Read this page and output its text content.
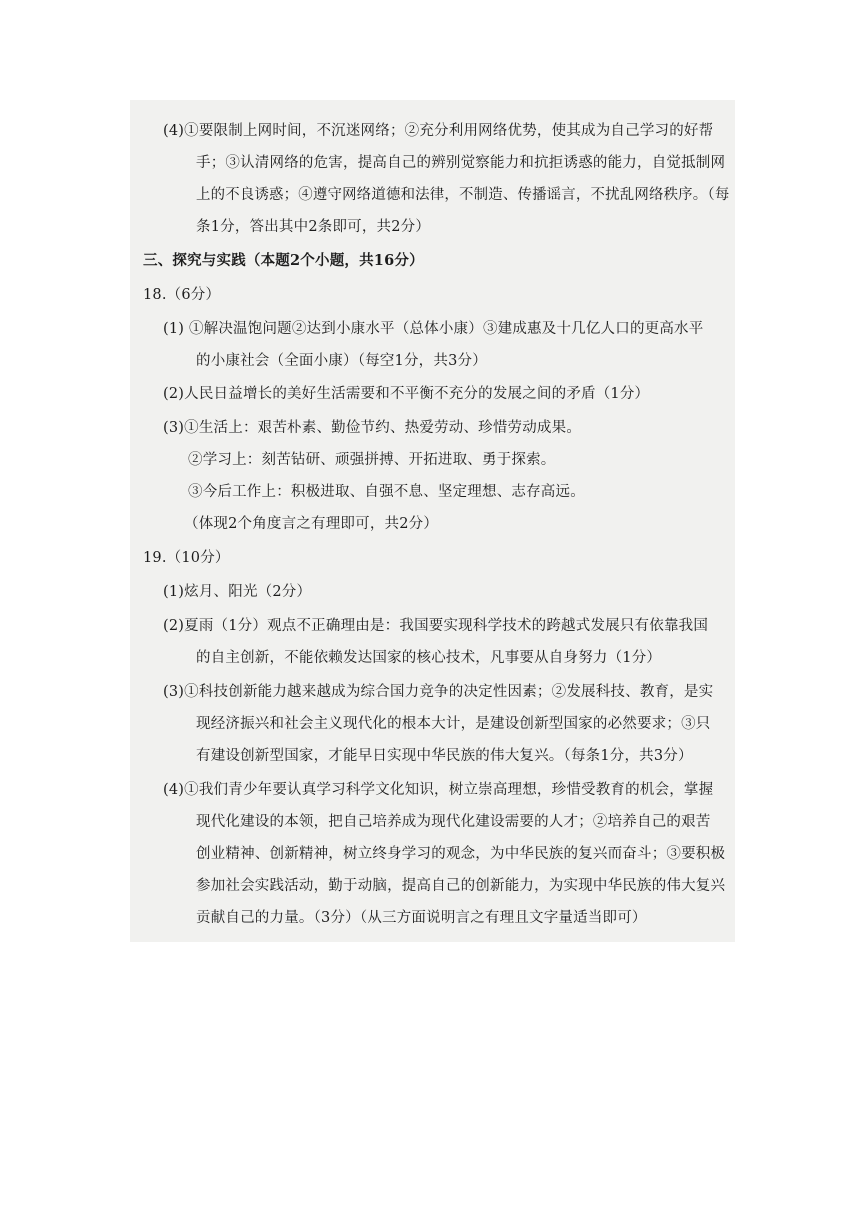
(4)①要限制上网时间，不沉迷网络；②充分利用网络优势，使其成为自己学习的好帮
手；③认清网络的危害，提高自己的辨别觉察能力和抗拒诱惑的能力，自觉抵制网
上的不良诱惑；④遵守网络道德和法律，不制造、传播谣言，不扰乱网络秩序。（每
条1分，答出其中2条即可，共2分）
三、探究与实践（本题2个小题，共16分）
18.（6分）
(1) ①解决温饱问题②达到小康水平（总体小康）③建成惠及十几亿人口的更高水平
的小康社会（全面小康）（每空1分，共3分）
(2)人民日益增长的美好生活需要和不平衡不充分的发展之间的矛盾（1分）
(3)①生活上：艰苦朴素、勤俭节约、热爱劳动、珍惜劳动成果。
②学习上：刻苦钻研、顽强拼搏、开拓进取、勇于探索。
③今后工作上：积极进取、自强不息、坚定理想、志存高远。
（体现2个角度言之有理即可，共2分）
19.（10分）
(1)炫月、阳光（2分）
(2)夏雨（1分）观点不正确理由是：我国要实现科学技术的跨越式发展只有依靠我国
的自主创新，不能依赖发达国家的核心技术，凡事要从自身努力（1分）
(3)①科技创新能力越来越成为综合国力竞争的决定性因素；②发展科技、教育，是实
现经济振兴和社会主义现代化的根本大计，是建设创新型国家的必然要求；③只
有建设创新型国家，才能早日实现中华民族的伟大复兴。（每条1分，共3分）
(4)①我们青少年要认真学习科学文化知识，树立崇高理想，珍惜受教育的机会，掌握
现代化建设的本领，把自己培养成为现代化建设需要的人才；②培养自己的艰苦
创业精神、创新精神，树立终身学习的观念，为中华民族的复兴而奋斗；③要积极
参加社会实践活动，勤于动脑，提高自己的创新能力，为实现中华民族的伟大复兴
贡献自己的力量。（3分）（从三方面说明言之有理且文字量适当即可）
